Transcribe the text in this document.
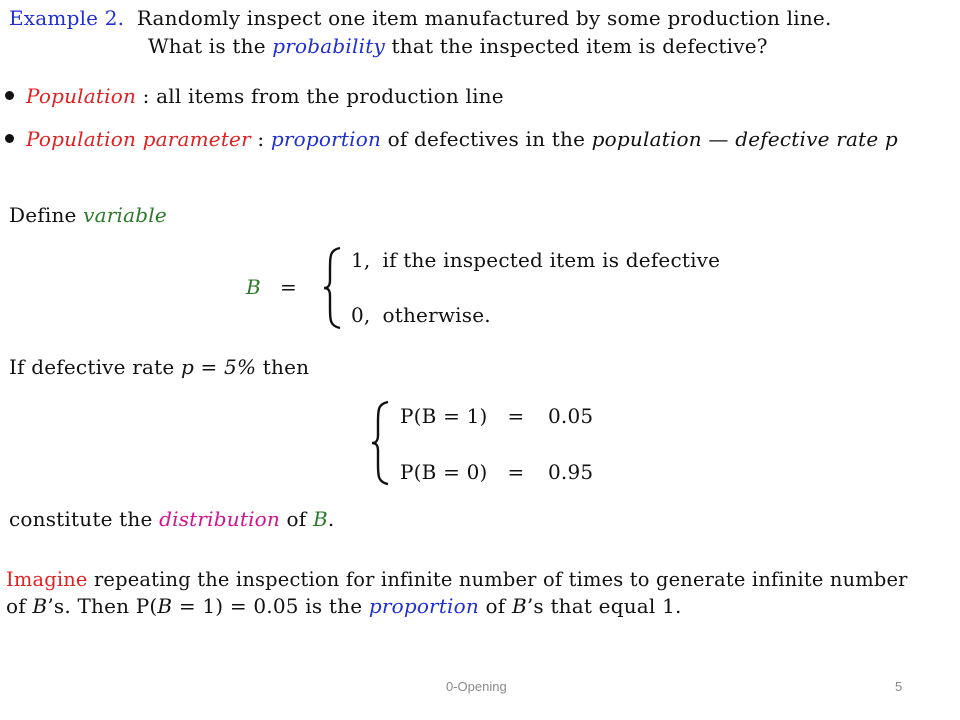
Example 2. Randomly inspect one item manufactured by some production line.
What is the probability that the inspected item is defective?
Population : all items from the production line
Population parameter : proportion of defectives in the population — defective rate p
Define variable
B =
1, if the inspected item is defective
0, otherwise.
If defective rate p = 5% then
P(B = 1) = 0.05
P(B = 0) = 0.95
constitute the distribution of B.
Imagine repeating the inspection for infinite number of times to generate infinite number
of B’s. Then P(B = 1) = 0.05 is the proportion of B’s that equal 1.
0-Opening	5
